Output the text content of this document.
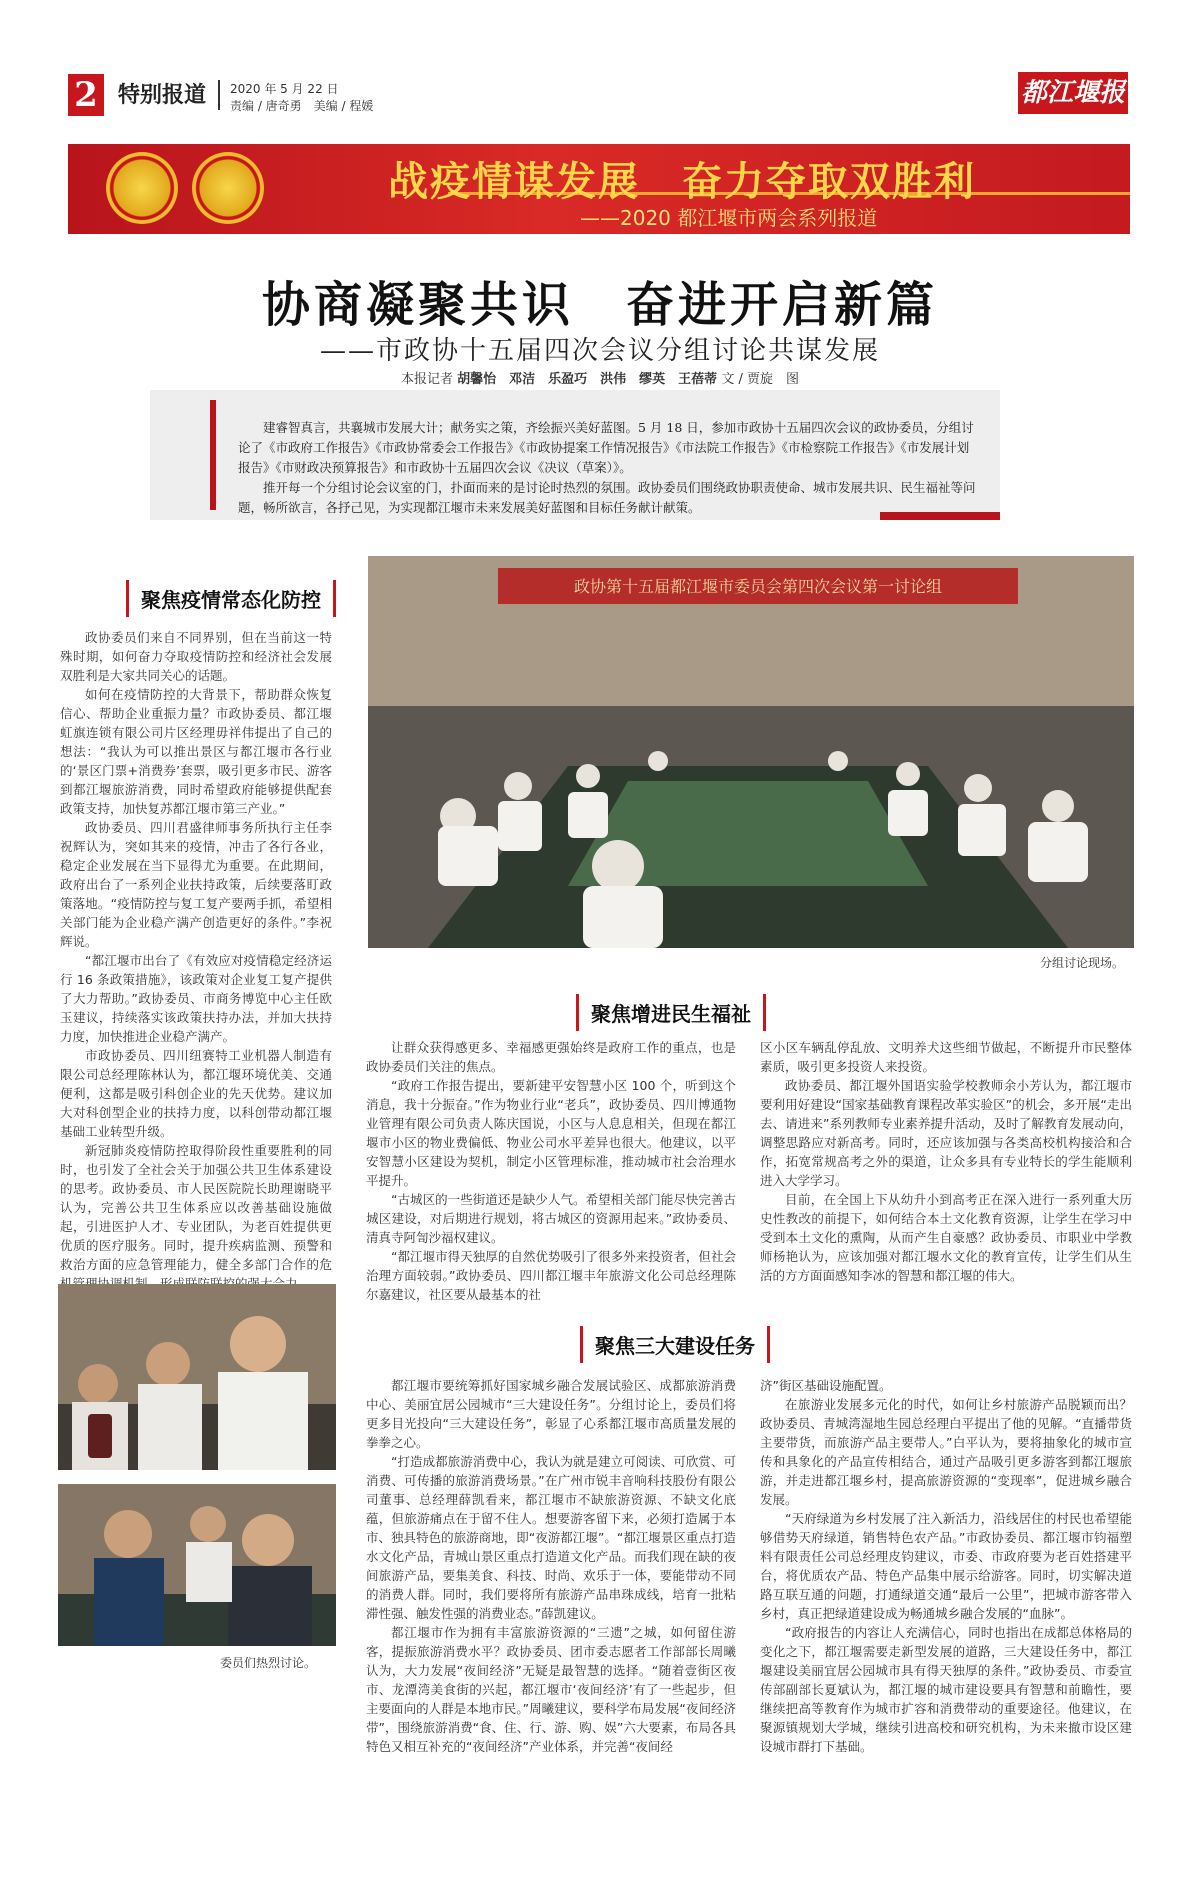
2 特别报道 2020 年 5 月 22 日
责编 / 唐奇勇　美编 / 程媛	都江堰报
战疫情谋发展　奋力夺取双胜利
——2020 都江堰市两会系列报道
协商凝聚共识　奋进开启新篇
——市政协十五届四次会议分组讨论共谋发展
本报记者 胡馨怡　邓洁　乐盈巧　洪伟　缪英　王蓓蒂 文 / 贾旋　图

建睿智真言，共襄城市发展大计；献务实之策，齐绘振兴美好蓝图。5 月 18 日，参加市政协十五届四次会议的政协委员，分组讨论了《市政府工作报告》《市政协常委会工作报告》《市政协提案工作情况报告》《市法院工作报告》《市检察院工作报告》《市发展计划报告》《市财政决预算报告》和市政协十五届四次会议《决议（草案）》。

推开每一个分组讨论会议室的门，扑面而来的是讨论时热烈的氛围。政协委员们围绕政协职责使命、城市发展共识、民生福祉等问题，畅所欲言，各抒己见，为实现都江堰市未来发展美好蓝图和目标任务献计献策。

聚焦疫情常态化防控

政协委员们来自不同界别，但在当前这一特殊时期，如何奋力夺取疫情防控和经济社会发展双胜利是大家共同关心的话题。

如何在疫情防控的大背景下，帮助群众恢复信心、帮助企业重振力量？市政协委员、都江堰虹旗连锁有限公司片区经理毋祥伟提出了自己的想法：“我认为可以推出景区与都江堰市各行业的‘景区门票+消费券’套票，吸引更多市民、游客到都江堰旅游消费，同时希望政府能够提供配套政策支持，加快复苏都江堰市第三产业。”

政协委员、四川君盛律师事务所执行主任李祝辉认为，突如其来的疫情，冲击了各行各业，稳定企业发展在当下显得尤为重要。在此期间，政府出台了一系列企业扶持政策，后续要落盯政策落地。“疫情防控与复工复产要两手抓，希望相关部门能为企业稳产满产创造更好的条件。”李祝辉说。

“都江堰市出台了《有效应对疫情稳定经济运行 16 条政策措施》，该政策对企业复工复产提供了大力帮助。”政协委员、市商务博览中心主任欧玉建议，持续落实该政策扶持办法，并加大扶持力度，加快推进企业稳产满产。

市政协委员、四川纽赛特工业机器人制造有限公司总经理陈林认为，都江堰环境优美、交通便利，这都是吸引科创企业的先天优势。建议加大对科创型企业的扶持力度，以科创带动都江堰基础工业转型升级。

新冠肺炎疫情防控取得阶段性重要胜利的同时，也引发了全社会关于加强公共卫生体系建设的思考。政协委员、市人民医院院长助理谢晓平认为，完善公共卫生体系应以改善基础设施做起，引进医护人才、专业团队，为老百姓提供更优质的医疗服务。同时，提升疾病监测、预警和救治方面的应急管理能力，健全多部门合作的危

政协第十五届都江堰市委员会第四次会议第一讨论组
分组讨论现场。
聚焦增进民生福祉

让群众获得感更多、幸福感更强始终是政府工作的重点，也是政协委员们关注的焦点。

“政府工作报告提出，要新建平安智慧小区 100 个，听到这个消息，我十分振奋。”作为物业行业“老兵”，政协委员、四川博通物业管理有限公司负责人陈庆国说，小区与人息息相关，但现在都江堰市小区的物业费偏低、物业公司水平差异也很大。他建议，以平安智慧小区建设为契机，制定小区管理标准，推动城市社会治理水平提升。

“古城区的一些街道还是缺少人气。希望相关部门能尽快完善古城区建设，对后期进行规划，将古城区的资源用起来。”政协委员、清真寺阿訇沙福权建议。

“都江堰市得天独厚的自然优势吸引了很多外来投资者，但社会治理方面较弱。”政协委员、四川都江堰丰年旅游文化公司总经理陈尔嘉建议，社区要从最基本的社

区小区车辆乱停乱放、文明养犬这些细节做起，不断提升市民整体素质，吸引更多投资人来投资。

政协委员、都江堰外国语实验学校教师余小芳认为，都江堰市要利用好建设“国家基础教育课程改革实验区”的机会，多开展“走出去、请进来”系列教师专业素养提升活动，及时了解教育发展动向，调整思路应对新高考。同时，还应该加强与各类高校机构接洽和合作，拓宽常规高考之外的渠道，让众多具有专业特长的学生能顺利进入大学学习。

目前，在全国上下从幼升小到高考正在深入进行一系列重大历史性教改的前提下，如何结合本土文化教育资源，让学生在学习中受到本土文化的熏陶，从而产生自豪感？政协委员、市职业中学教师杨艳认为，应该加强对都江堰水文化的教育宣传，让学生们从生活的方方面面感知李冰的智慧和都江堰的伟大。

委员们热烈讨论。
聚焦三大建设任务

都江堰市要统筹抓好国家城乡融合发展试验区、成都旅游消费中心、美丽宜居公园城市“三大建设任务”。分组讨论上，委员们将更多目光投向“三大建设任务”，彰显了心系都江堰市高质量发展的拳拳之心。

“打造成都旅游消费中心，我认为就是建立可阅读、可欣赏、可消费、可传播的旅游消费场景。”在广州市锐丰音响科技股份有限公司董事、总经理薛凯看来，都江堰市不缺旅游资源、不缺文化底蕴，但旅游痛点在于留不住人。想要游客留下来，必须打造属于本市、独具特色的旅游商地，即“夜游都江堰”。“都江堰景区重点打造水文化产品，青城山景区重点打造道文化产品。而我们现在缺的夜间旅游产品，要集美食、科技、时尚、欢乐于一体，要能带动不同的消费人群。同时，我们要将所有旅游产品串珠成线，培育一批粘滞性强、触发性强的消费业态。”薛凯建议。

都江堰市作为拥有丰富旅游资源的“三遗”之城，如何留住游客，提振旅游消费水平？政协委员、团市委志愿者工作部部长周曦认为，大力发展“夜间经济”无疑是最智慧的选择。“随着壹街区夜市、龙潭湾美食街的兴起，都江堰市‘夜间经济’有了一些起步，但主要面向的人群是本地市民。”周曦建议，要科学布局发展“夜间经济带”，围绕旅游消费“食、住、行、游、购、娱”六大要素，布局各具特色又相互补充的“夜间经济”产业体系，并完善“夜间经

济”街区基础设施配置。

在旅游业发展多元化的时代，如何让乡村旅游产品脱颖而出？政协委员、青城湾湿地生园总经理白平提出了他的见解。“直播带货主要带货，而旅游产品主要带人。”白平认为，要将抽象化的城市宣传和具象化的产品宣传相结合，通过产品吸引更多游客到都江堰旅游，并走进都江堰乡村，提高旅游资源的“变现率”，促进城乡融合发展。

“天府绿道为乡村发展了注入新活力，沿线居住的村民也希望能够借势天府绿道，销售特色农产品。”市政协委员、都江堰市钧福塑料有限责任公司总经理皮钧建议，市委、市政府要为老百姓搭建平台，将优质农产品、特色产品集中展示给游客。同时，切实解决道路互联互通的问题，打通绿道交通“最后一公里”，把城市游客带入乡村，真正把绿道建设成为畅通城乡融合发展的“血脉”。

“政府报告的内容让人充满信心，同时也指出在成都总体格局的变化之下，都江堰需要走新型发展的道路，三大建设任务中，都江堰建设美丽宜居公园城市具有得天独厚的条件。”政协委员、市委宣传部副部长夏斌认为，都江堰的城市建设要具有智慧和前瞻性，要继续把高等教育作为城市扩容和消费带动的重要途径。他建议，在聚源镇规划大学城，继续引进高校和研究机构，为未来撤市设区建设城市群打下基础。
